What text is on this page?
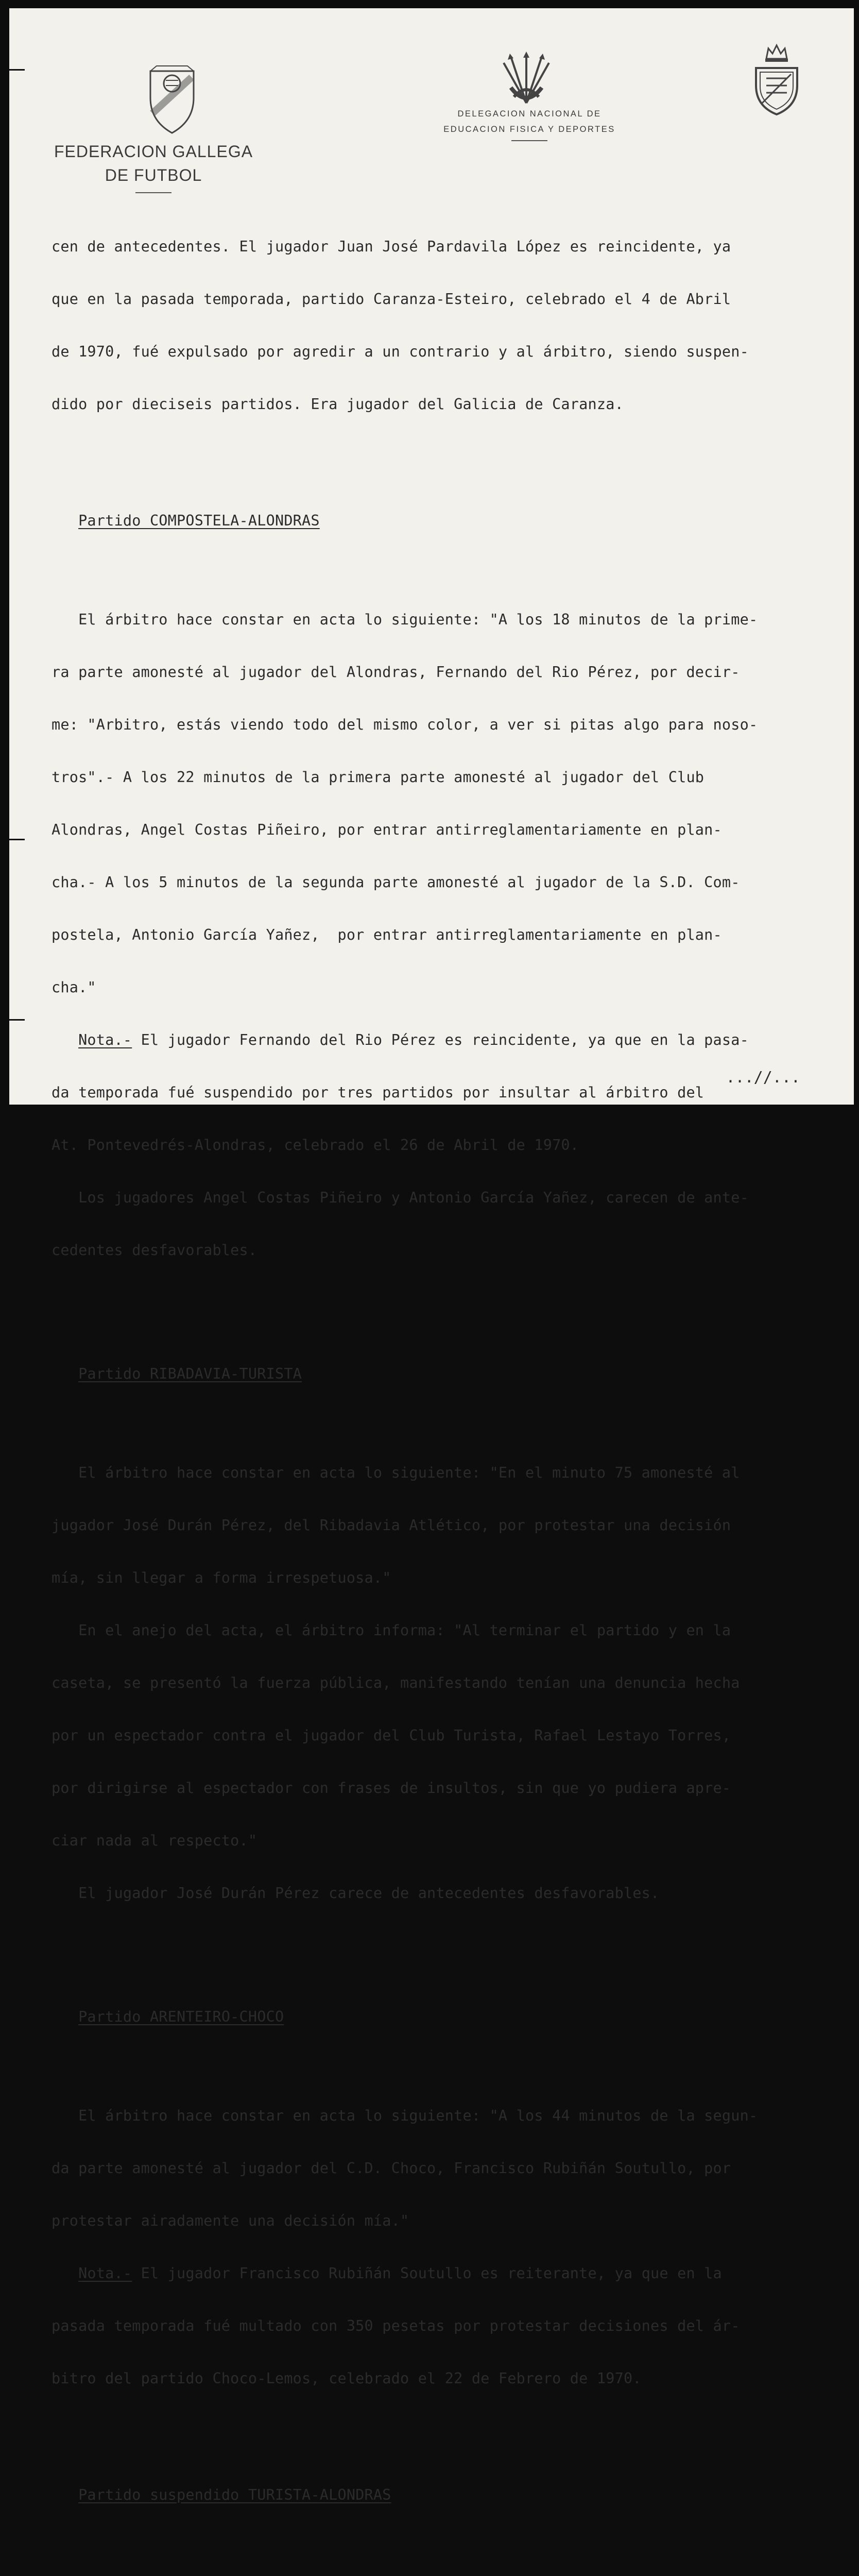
FEDERACION GALLEGA
DE FUTBOL
DELEGACION NACIONAL DE
EDUCACION FISICA Y DEPORTES

cen de antecedentes. El jugador Juan José Pardavila López es reincidente, ya

que en la pasada temporada, partido Caranza-Esteiro, celebrado el 4 de Abril

de 1970, fué expulsado por agredir a un contrario y al árbitro, siendo suspen-

dido por dieciseis partidos. Era jugador del Galicia de Caranza.

Partido COMPOSTELA-ALONDRAS

El árbitro hace constar en acta lo siguiente: "A los 18 minutos de la prime-

ra parte amonesté al jugador del Alondras, Fernando del Rio Pérez, por decir-

me: "Arbitro, estás viendo todo del mismo color, a ver si pitas algo para noso-

tros".- A los 22 minutos de la primera parte amonesté al jugador del Club

Alondras, Angel Costas Piñeiro, por entrar antirreglamentariamente en plan-

cha.- A los 5 minutos de la segunda parte amonesté al jugador de la S.D. Com-

postela, Antonio García Yañez,  por entrar antirreglamentariamente en plan-

cha."

Nota.- El jugador Fernando del Rio Pérez es reincidente, ya que en la pasa-

da temporada fué suspendido por tres partidos por insultar al árbitro del

At. Pontevedrés-Alondras, celebrado el 26 de Abril de 1970.

Los jugadores Angel Costas Piñeiro y Antonio García Yañez, carecen de ante-

cedentes desfavorables.

Partido RIBADAVIA-TURISTA

El árbitro hace constar en acta lo siguiente: "En el minuto 75 amonesté al

jugador José Durán Pérez, del Ribadavia Atlético, por protestar una decisión

mía, sin llegar a forma irrespetuosa."

En el anejo del acta, el árbitro informa: "Al terminar el partido y en la

caseta, se presentó la fuerza pública, manifestando tenían una denuncia hecha

por un espectador contra el jugador del Club Turista, Rafael Lestayo Torres,

por dirigirse al espectador con frases de insultos, sin que yo pudiera apre-

ciar nada al respecto."

El jugador José Durán Pérez carece de antecedentes desfavorables.

Partido ARENTEIRO-CHOCO

El árbitro hace constar en acta lo siguiente: "A los 44 minutos de la segun-

da parte amonesté al jugador del C.D. Choco, Francisco Rubiñán Soutullo, por

protestar airadamente una decisión mía."

Nota.- El jugador Francisco Rubiñán Soutullo es reiterante, ya que en la

pasada temporada fué multado con 350 pesetas por protestar decisiones del ár-

bitro del partido Choco-Lemos, celebrado el 22 de Febrero de 1970.

Partido suspendido TURISTA-ALONDRAS

...//...
